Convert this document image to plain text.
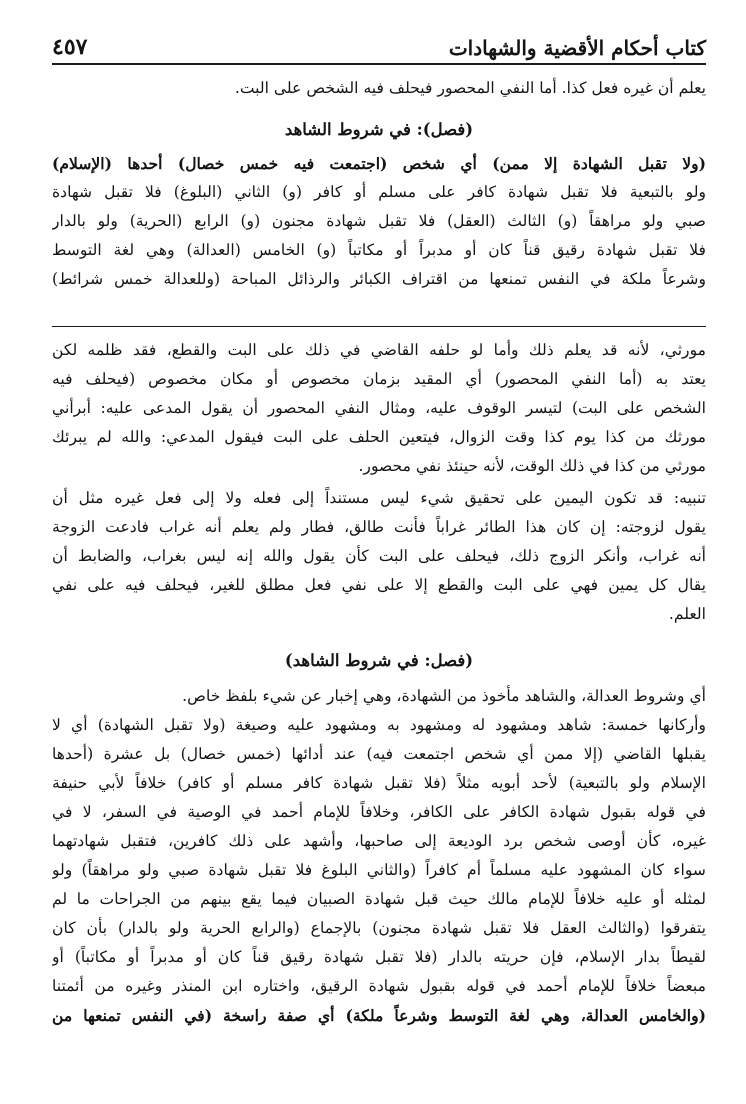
كتاب أحكام الأقضية والشهادات
٤٥٧
يعلم أن غيره فعل كذا. أما النفي المحصور فيحلف فيه الشخص على البت.
(فصل): في شروط الشاهد
(ولا تقبل الشهادة إلا ممن) أي شخص (اجتمعت فيه خمس خصال) أحدها (الإسلام)
ولو بالتبعية فلا تقبل شهادة كافر على مسلم أو كافر (و) الثاني (البلوغ) فلا تقبل شهادة
صبي ولو مراهقاً (و) الثالث (العقل) فلا تقبل شهادة مجنون (و) الرابع (الحرية) ولو بالدار
فلا تقبل شهادة رقيق قناً كان أو مدبراً أو مكاتباً (و) الخامس (العدالة) وهي لغة التوسط
وشرعاً ملكة في النفس تمنعها من اقتراف الكبائر والرذائل المباحة (وللعدالة خمس شرائط)
مورثي، لأنه قد يعلم ذلك وأما لو حلفه القاضي في ذلك على البت والقطع، فقد ظلمه لكن
يعتد به (أما النفي المحصور) أي المقيد بزمان مخصوص أو مكان مخصوص (فيحلف فيه
الشخص على البت) لتيسر الوقوف عليه، ومثال النفي المحصور أن يقول المدعى عليه: أبرأني
مورثك من كذا يوم كذا وقت الزوال، فيتعين الحلف على البت فيقول المدعي: والله لم يبرئك
مورثي من كذا في ذلك الوقت، لأنه حينئذ نفي محصور.
تنبيه: قد تكون اليمين على تحقيق شيء ليس مستنداً إلى فعله ولا إلى فعل غيره مثل أن
يقول لزوجته: إن كان هذا الطائر غراباً فأنت طالق، فطار ولم يعلم أنه غراب فادعت الزوجة
أنه غراب، وأنكر الزوج ذلك، فيحلف على البت كأن يقول والله إنه ليس بغراب، والضابط أن
يقال كل يمين فهي على البت والقطع إلا على نفي فعل مطلق للغير، فيحلف فيه على نفي
العلم.
(فصل: في شروط الشاهد)
أي وشروط العدالة، والشاهد مأخوذ من الشهادة، وهي إخبار عن شيء بلفظ خاص.
وأركانها خمسة: شاهد ومشهود له ومشهود به ومشهود عليه وصيغة (ولا تقبل الشهادة) أي لا
يقبلها القاضي (إلا ممن أي شخص اجتمعت فيه) عند أدائها (خمس خصال) بل عشرة (أحدها
الإسلام ولو بالتبعية) لأحد أبويه مثلاً (فلا تقبل شهادة كافر مسلم أو كافر) خلافاً لأبي حنيفة
في قوله بقبول شهادة الكافر على الكافر، وخلافاً للإمام أحمد في الوصية في السفر، لا في
غيره، كأن أوصى شخص برد الوديعة إلى صاحبها، وأشهد على ذلك كافرين، فتقبل شهادتهما
سواء كان المشهود عليه مسلماً أم كافراً (والثاني البلوغ فلا تقبل شهادة صبي ولو مراهقاً) ولو
لمثله أو عليه خلافاً للإمام مالك حيث قبل شهادة الصبيان فيما يقع بينهم من الجراحات ما لم
يتفرقوا (والثالث العقل فلا تقبل شهادة مجنون) بالإجماع (والرابع الحرية ولو بالدار) بأن كان
لقيطاً بدار الإسلام، فإن حريته بالدار (فلا تقبل شهادة رقيق قناً كان أو مدبراً أو مكاتباً) أو
مبعضاً خلافاً للإمام أحمد في قوله بقبول شهادة الرقيق، واختاره ابن المنذر وغيره من أئمتنا
(والخامس العدالة، وهي لغة التوسط وشرعاً ملكة) أي صفة راسخة (في النفس تمنعها من
